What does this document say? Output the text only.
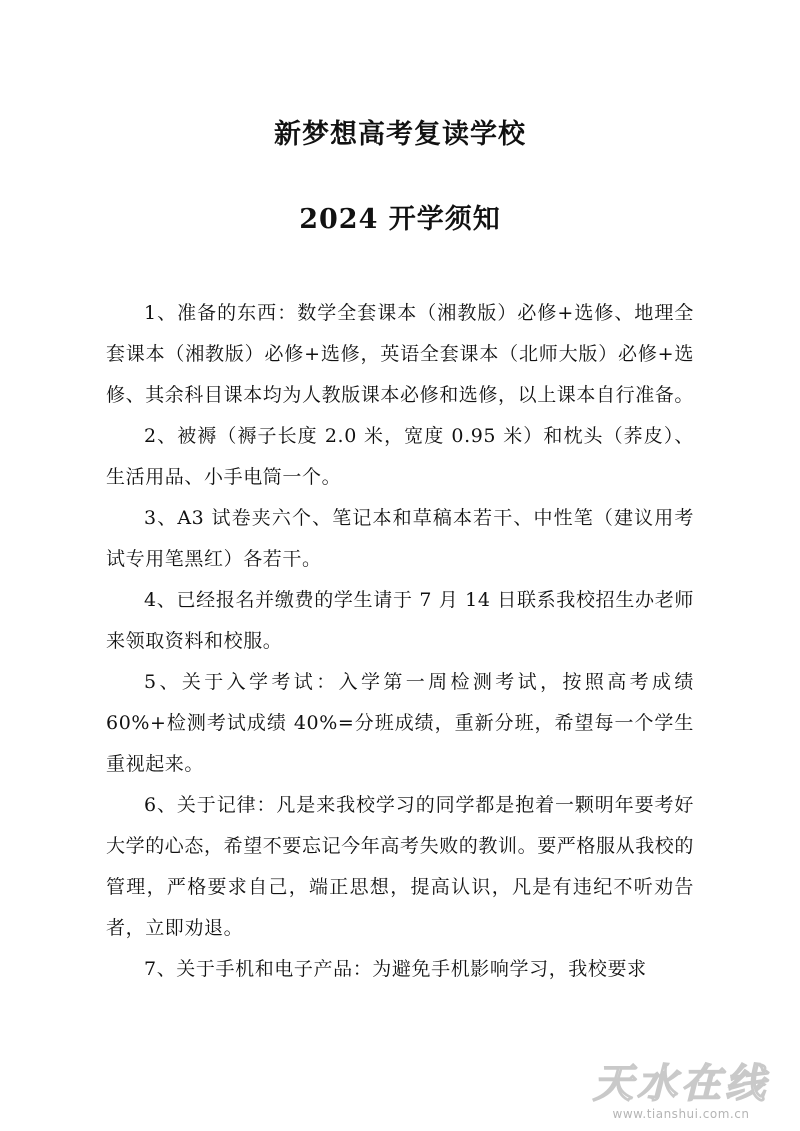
新梦想高考复读学校
2024 开学须知

1、准备的东西：数学全套课本（湘教版）必修+选修、地理全套课本（湘教版）必修+选修，英语全套课本（北师大版）必修+选修、其余科目课本均为人教版课本必修和选修，以上课本自行准备。

2、被褥（褥子长度 2.0 米，宽度 0.95 米）和枕头（荞皮）、生活用品、小手电筒一个。

3、A3 试卷夹六个、笔记本和草稿本若干、中性笔（建议用考试专用笔黑红）各若干。

4、已经报名并缴费的学生请于 7 月 14 日联系我校招生办老师来领取资料和校服。

5、关于入学考试：入学第一周检测考试，按照高考成绩 60%+检测考试成绩 40%=分班成绩，重新分班，希望每一个学生重视起来。

6、关于记律：凡是来我校学习的同学都是抱着一颗明年要考好大学的心态，希望不要忘记今年高考失败的教训。要严格服从我校的管理，严格要求自己，端正思想，提高认识，凡是有违纪不听劝告者，立即劝退。

7、关于手机和电子产品：为避免手机影响学习，我校要求

天水在线
www.tianshui.com.cn
